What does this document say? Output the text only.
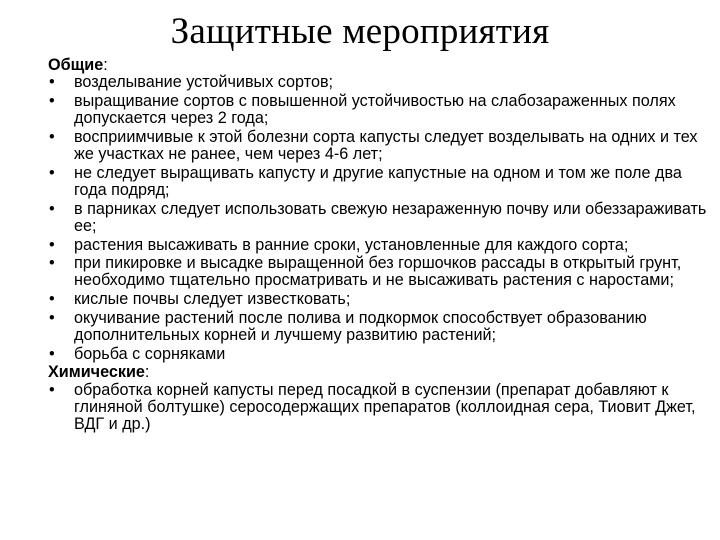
Защитные мероприятия
Общие:
• возделывание устойчивых сортов;
• выращивание сортов с повышенной устойчивостью на слабозараженных полях допускается через 2 года;
• восприимчивые к этой болезни сорта капусты следует возделывать на одних и тех же участках не ранее, чем через 4-6 лет;
• не следует выращивать капусту и другие капустные на одном и том же поле два года подряд;
• в парниках следует использовать свежую незараженную почву или обеззараживать ее;
• растения высаживать в ранние сроки, установленные для каждого сорта;
• при пикировке и высадке выращенной без горшочков рассады в открытый грунт, необходимо тщательно просматривать и не высаживать растения с наростами;
• кислые почвы следует известковать;
• окучивание растений после полива и подкормок способствует образованию дополнительных корней и лучшему развитию растений;
• борьба с сорняками
Химические:
• обработка корней капусты перед посадкой в суспензии (препарат добавляют к глиняной болтушке) серосодержащих препаратов (коллоидная сера, Тиовит Джет, ВДГ и др.)
